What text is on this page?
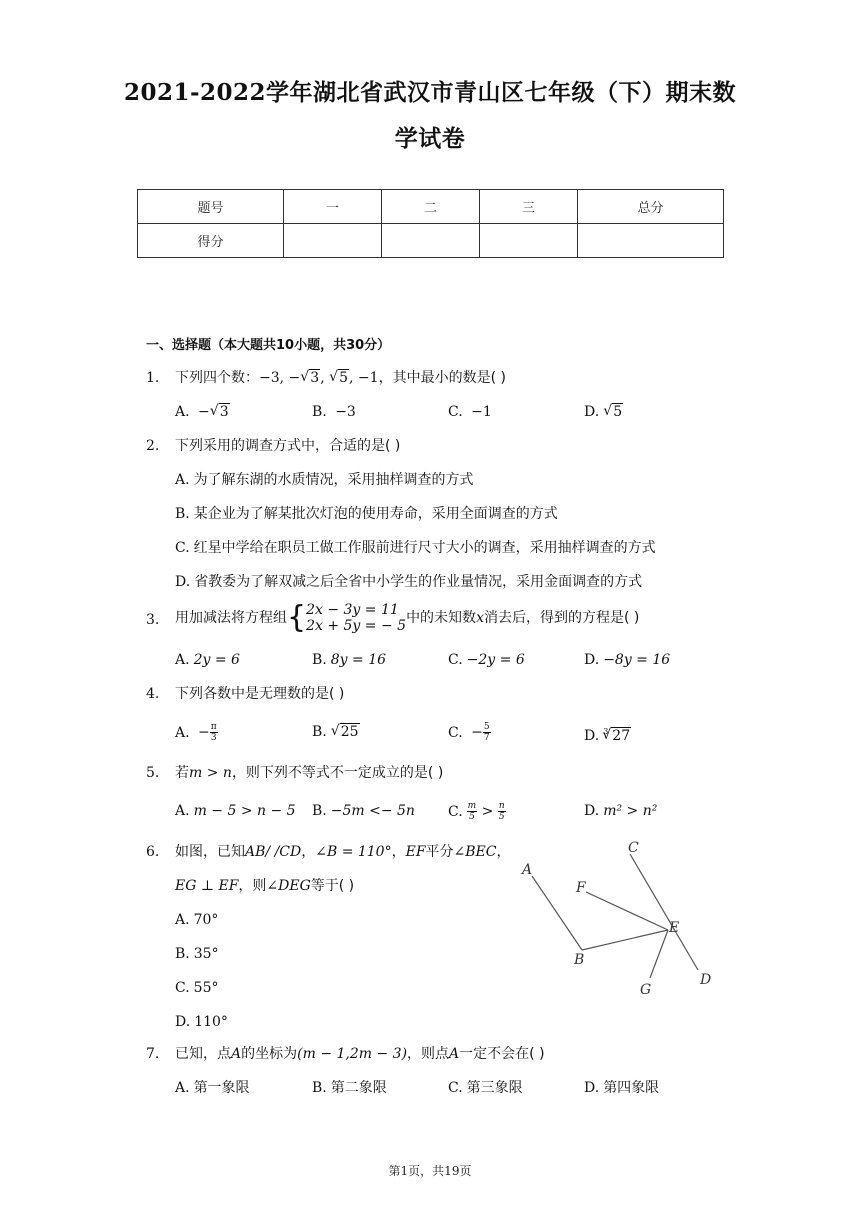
2021-2022学年湖北省武汉市青山区七年级（下）期末数
学试卷
题号	一	二	三	总分
得分				
一、选择题（本大题共10小题，共30分）
1.	下列四个数：−3, − √ 3, √ 5, −1，其中最小的数是( )
A. − √ 3	B. −3	C. −1	D. √ 5
2.	下列采用的调查方式中，合适的是( )
A. 为了解东湖的水质情况，采用抽样调查的方式
B. 某企业为了解某批次灯泡的使用寿命，采用全面调查的方式
C. 红星中学给在职员工做工作服前进行尺寸大小的调查，采用抽样调查的方式
D. 省教委为了解双减之后全省中小学生的作业量情况，采用金面调查的方式
3.	用加减法将方程组 { 2x − 3y = 11
2x + 5y = − 5 中的未知数x消去后，得到的方程是( )
A. 2y = 6	B. 8y = 16	C. −2y = 6	D. −8y = 16
4.	下列各数中是无理数的是( )
A. − $\frac{\pi}{3}$	B. √ 25	C. − $\frac{5}{7}$	D. $^3$ √ 27
5.	若m > n，则下列不等式不一定成立的是( )
A. m − 5 > n − 5 B. −5m <− 5n C. $\frac{m}{5} > \frac{n}{5}$	D. m² > n²
6.	如图，已知AB/ /CD，∠B = 110°，EF平分∠BEC，
EG ⊥ EF，则∠DEG等于( )
A. 70°
B. 35°
C. 55°
D. 110°
A
B
C
D
E
F
G
7.	已知，点A的坐标为(m − 1,2m − 3)，则点A一定不会在( )
A. 第一象限	B. 第二象限	C. 第三象限	D. 第四象限
第1页，共19页
